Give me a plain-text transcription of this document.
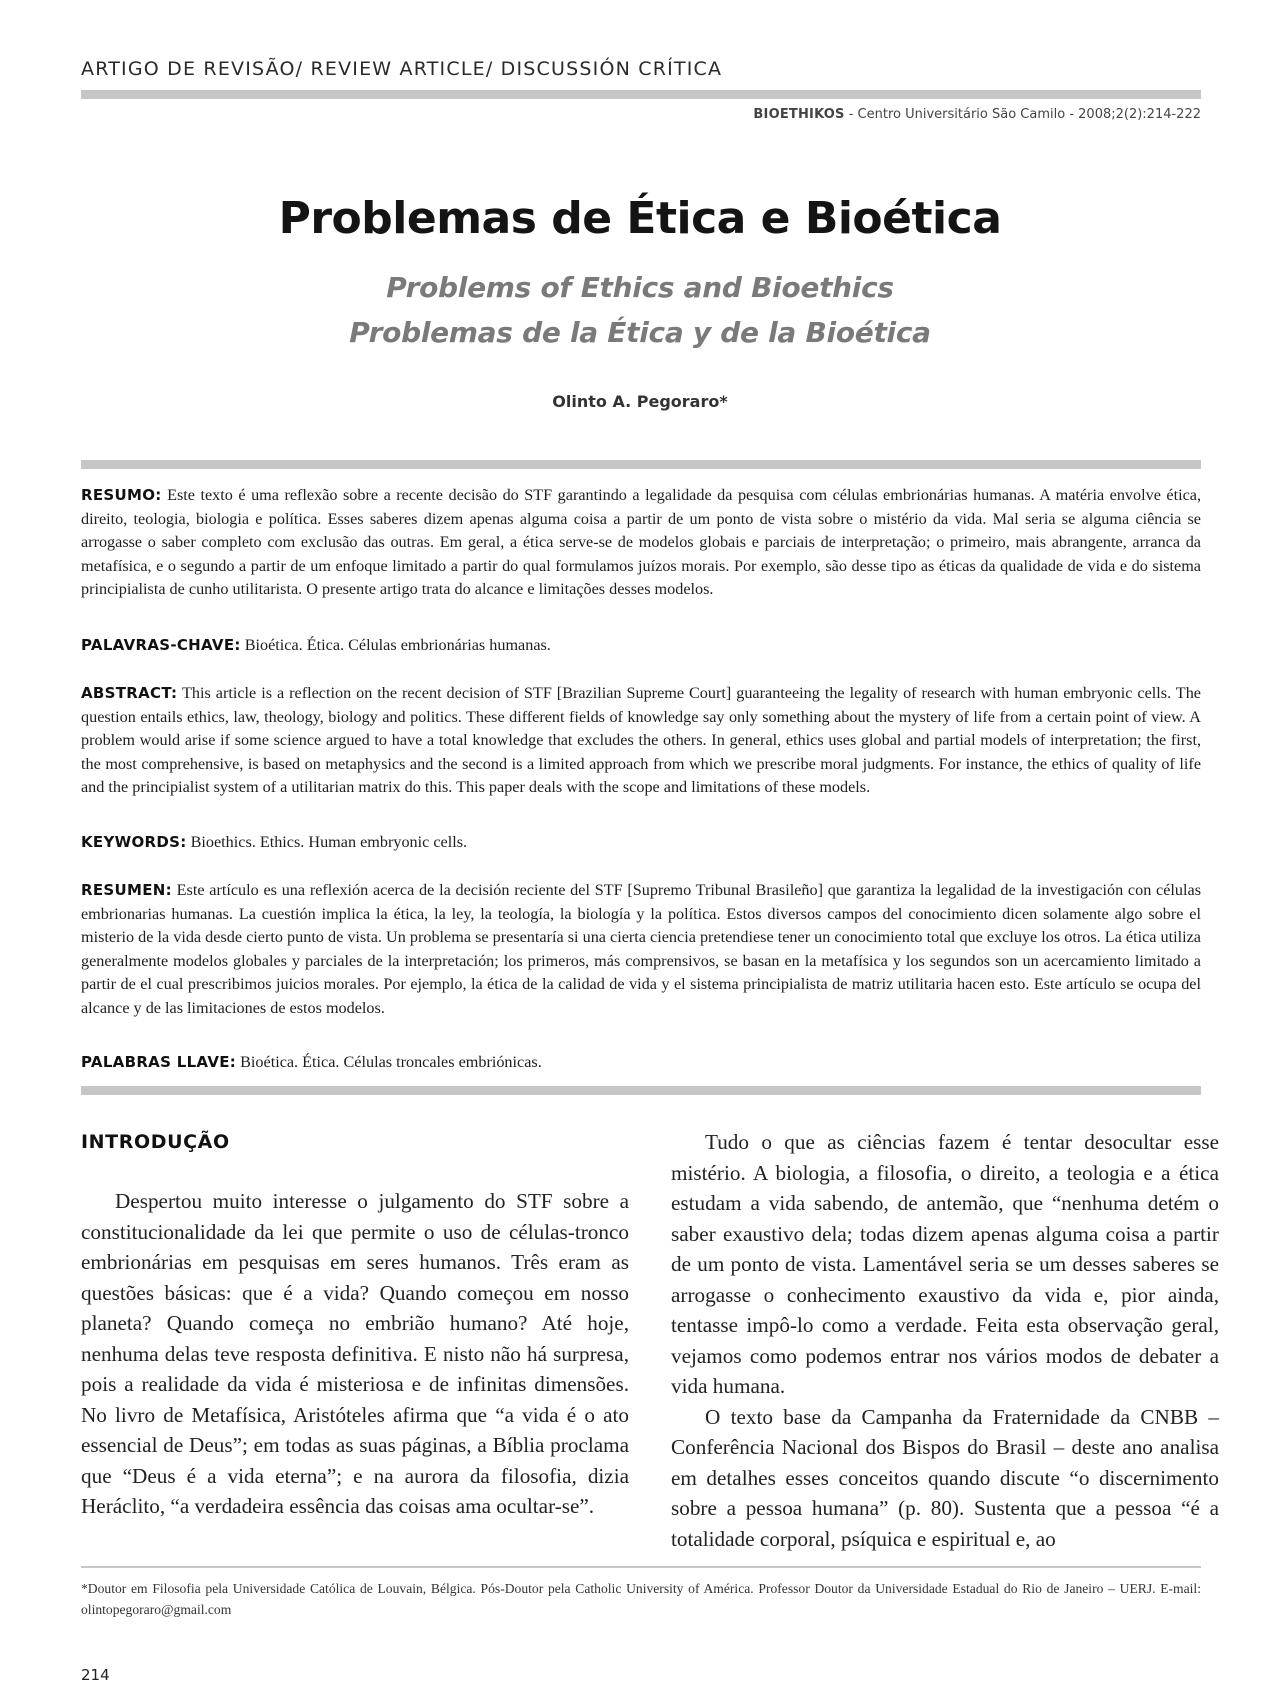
ARTIGO DE REVISÃO/ REVIEW ARTICLE/ DISCUSSIÓN CRÍTICA
BIOETHIKOS - Centro Universitário São Camilo - 2008;2(2):214-222
Problemas de Ética e Bioética
Problems of Ethics and Bioethics
Problemas de la Ética y de la Bioética
Olinto A. Pegoraro*
RESUMO: Este texto é uma reflexão sobre a recente decisão do STF garantindo a legalidade da pesquisa com células embrionárias humanas. A matéria envolve ética, direito, teologia, biologia e política. Esses saberes dizem apenas alguma coisa a partir de um ponto de vista sobre o mistério da vida. Mal seria se alguma ciência se arrogasse o saber completo com exclusão das outras. Em geral, a ética serve-se de modelos globais e parciais de interpretação; o primeiro, mais abrangente, arranca da metafísica, e o segundo a partir de um enfoque limitado a partir do qual formulamos juízos morais. Por exemplo, são desse tipo as éticas da qualidade de vida e do sistema principialista de cunho utilitarista. O presente artigo trata do alcance e limitações desses modelos.
PALAVRAS-CHAVE: Bioética. Ética. Células embrionárias humanas.
ABSTRACT: This article is a reflection on the recent decision of STF [Brazilian Supreme Court] guaranteeing the legality of research with human embryonic cells. The question entails ethics, law, theology, biology and politics. These different fields of knowledge say only something about the mystery of life from a certain point of view. A problem would arise if some science argued to have a total knowledge that excludes the others. In general, ethics uses global and partial models of interpretation; the first, the most comprehensive, is based on metaphysics and the second is a limited approach from which we prescribe moral judgments. For instance, the ethics of quality of life and the principialist system of a utilitarian matrix do this. This paper deals with the scope and limitations of these models.
KEYWORDS: Bioethics. Ethics. Human embryonic cells.
RESUMEN: Este artículo es una reflexión acerca de la decisión reciente del STF [Supremo Tribunal Brasileño] que garantiza la legalidad de la investigación con células embrionarias humanas. La cuestión implica la ética, la ley, la teología, la biología y la política. Estos diversos campos del conocimiento dicen solamente algo sobre el misterio de la vida desde cierto punto de vista. Un problema se presentaría si una cierta ciencia pretendiese tener un conocimiento total que excluye los otros. La ética utiliza generalmente modelos globales y parciales de la interpretación; los primeros, más comprensivos, se basan en la metafísica y los segundos son un acercamiento limitado a partir de el cual prescribimos juicios morales. Por ejemplo, la ética de la calidad de vida y el sistema principialista de matriz utilitaria hacen esto. Este artículo se ocupa del alcance y de las limitaciones de estos modelos.
PALABRAS LLAVE: Bioética. Ética. Células troncales embriónicas.
INTRODUÇÃO

Despertou muito interesse o julgamento do STF sobre a constitucionalidade da lei que permite o uso de células-tronco embrionárias em pesquisas em seres humanos. Três eram as questões básicas: que é a vida? Quando começou em nosso planeta? Quando começa no embrião humano? Até hoje, nenhuma delas teve resposta definitiva. E nisto não há surpresa, pois a realidade da vida é misteriosa e de infinitas dimensões. No livro de Metafísica, Aristóteles afirma que “a vida é o ato essencial de Deus”; em todas as suas páginas, a Bíblia proclama que “Deus é a vida eterna”; e na aurora da filosofia, dizia Heráclito, “a verdadeira essência das coisas ama ocultar-se”.

Tudo o que as ciências fazem é tentar desocultar esse mistério. A biologia, a filosofia, o direito, a teologia e a ética estudam a vida sabendo, de antemão, que “nenhuma detém o saber exaustivo dela; todas dizem apenas alguma coisa a partir de um ponto de vista. Lamentável seria se um desses saberes se arrogasse o conhecimento exaustivo da vida e, pior ainda, tentasse impô-lo como a verdade. Feita esta observação geral, vejamos como podemos entrar nos vários modos de debater a vida humana.

O texto base da Campanha da Fraternidade da CNBB – Conferência Nacional dos Bispos do Brasil – deste ano analisa em detalhes esses conceitos quando discute “o discernimento sobre a pessoa humana” (p. 80). Sustenta que a pessoa “é a totalidade corporal, psíquica e espiritual e, ao

*Doutor em Filosofia pela Universidade Católica de Louvain, Bélgica. Pós-Doutor pela Catholic University of América. Professor Doutor da Universidade Estadual do Rio de Janeiro – UERJ. E-mail: olintopegoraro@gmail.com
214
